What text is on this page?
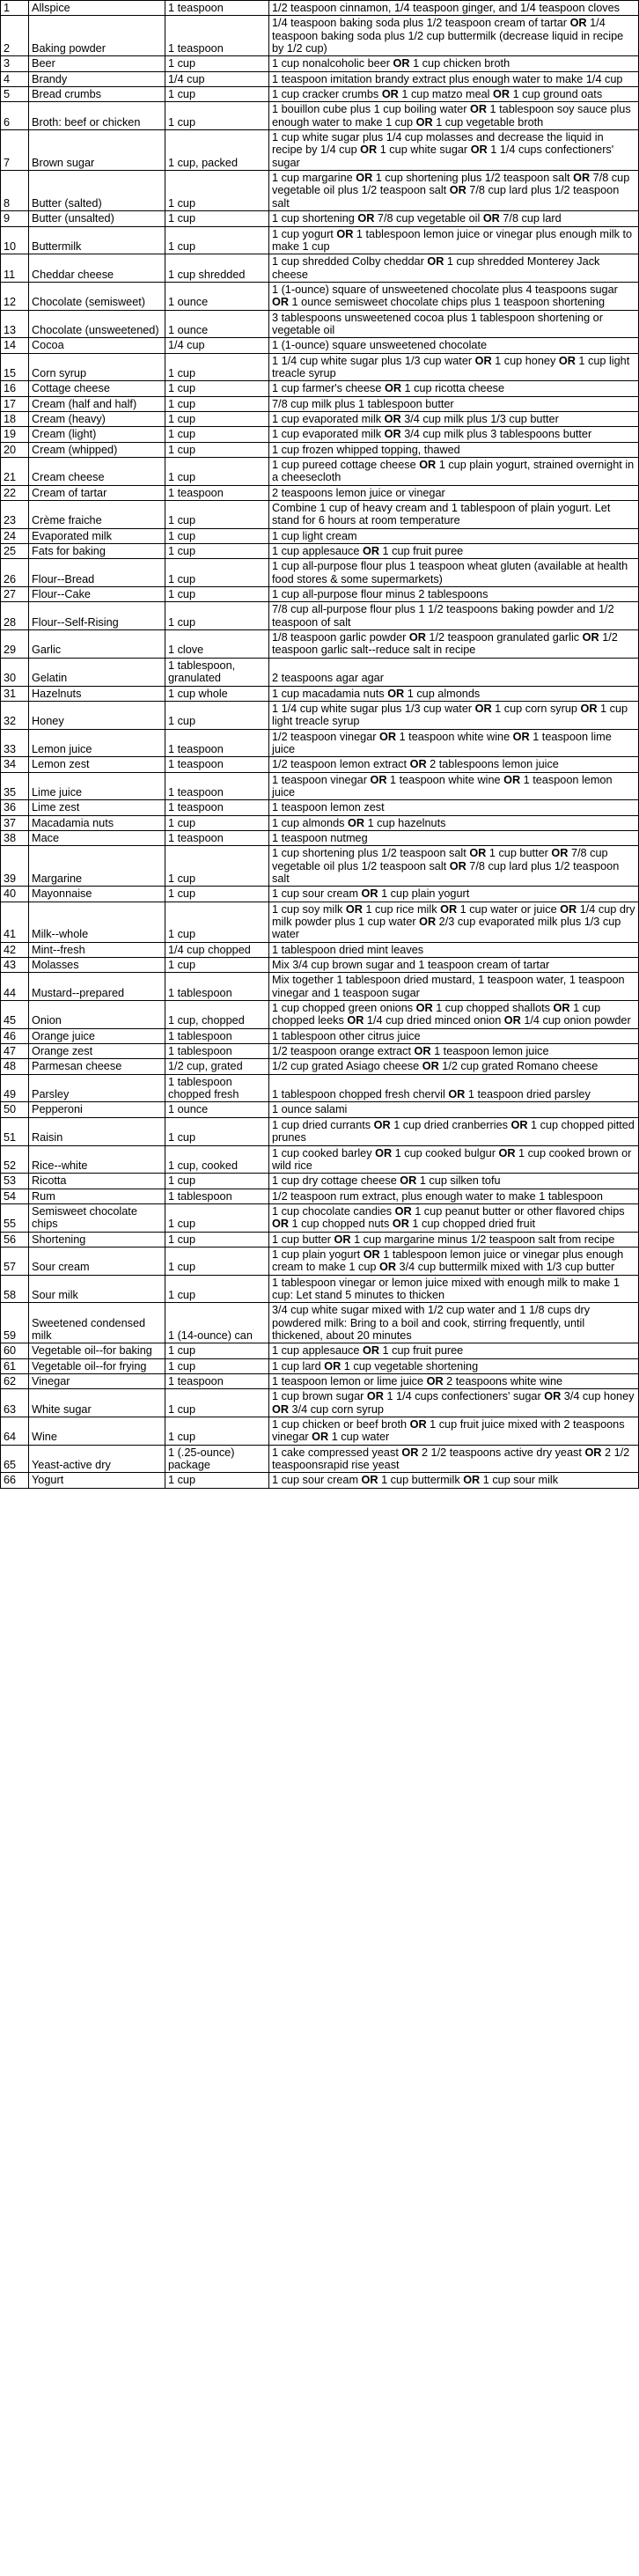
1	Allspice	1 teaspoon	1/2 teaspoon cinnamon, 1/4 teaspoon ginger, and 1/4 teaspoon cloves
2	Baking powder	1 teaspoon	1/4 teaspoon baking soda plus 1/2 teaspoon cream of tartar OR 1/4 teaspoon baking soda plus 1/2 cup buttermilk (decrease liquid in recipe by 1/2 cup)
3	Beer	1 cup	1 cup nonalcoholic beer OR 1 cup chicken broth
4	Brandy	1/4 cup	1 teaspoon imitation brandy extract plus enough water to make 1/4 cup
5	Bread crumbs	1 cup	1 cup cracker crumbs OR 1 cup matzo meal OR 1 cup ground oats
6	Broth: beef or chicken	1 cup	1 bouillon cube plus 1 cup boiling water OR 1 tablespoon soy sauce plus enough water to make 1 cup OR 1 cup vegetable broth
7	Brown sugar	1 cup, packed	1 cup white sugar plus 1/4 cup molasses and decrease the liquid in recipe by 1/4 cup OR 1 cup white sugar OR 1 1/4 cups confectioners' sugar
8	Butter (salted)	1 cup	1 cup margarine OR 1 cup shortening plus 1/2 teaspoon salt OR 7/8 cup vegetable oil plus 1/2 teaspoon salt OR 7/8 cup lard plus 1/2 teaspoon salt
9	Butter (unsalted)	1 cup	1 cup shortening OR 7/8 cup vegetable oil OR 7/8 cup lard
10	Buttermilk	1 cup	1 cup yogurt OR 1 tablespoon lemon juice or vinegar plus enough milk to make 1 cup
11	Cheddar cheese	1 cup shredded	1 cup shredded Colby cheddar OR 1 cup shredded Monterey Jack cheese
12	Chocolate (semisweet)	1 ounce	1 (1-ounce) square of unsweetened chocolate plus 4 teaspoons sugar OR 1 ounce semisweet chocolate chips plus 1 teaspoon shortening
13	Chocolate (unsweetened)	1 ounce	3 tablespoons unsweetened cocoa plus 1 tablespoon shortening or vegetable oil
14	Cocoa	1/4 cup	1 (1-ounce) square unsweetened chocolate
15	Corn syrup	1 cup	1 1/4 cup white sugar plus 1/3 cup water OR 1 cup honey OR 1 cup light treacle syrup
16	Cottage cheese	1 cup	1 cup farmer's cheese OR 1 cup ricotta cheese
17	Cream (half and half)	1 cup	7/8 cup milk plus 1 tablespoon butter
18	Cream (heavy)	1 cup	1 cup evaporated milk OR 3/4 cup milk plus 1/3 cup butter
19	Cream (light)	1 cup	1 cup evaporated milk OR 3/4 cup milk plus 3 tablespoons butter
20	Cream (whipped)	1 cup	1 cup frozen whipped topping, thawed
21	Cream cheese	1 cup	1 cup pureed cottage cheese OR 1 cup plain yogurt, strained overnight in a cheesecloth
22	Cream of tartar	1 teaspoon	2 teaspoons lemon juice or vinegar
23	Crème fraiche	1 cup	Combine 1 cup of heavy cream and 1 tablespoon of plain yogurt. Let stand for 6 hours at room temperature
24	Evaporated milk	1 cup	1 cup light cream
25	Fats for baking	1 cup	1 cup applesauce OR 1 cup fruit puree
26	Flour--Bread	1 cup	1 cup all-purpose flour plus 1 teaspoon wheat gluten (available at health food stores & some supermarkets)
27	Flour--Cake	1 cup	1 cup all-purpose flour minus 2 tablespoons
28	Flour--Self-Rising	1 cup	7/8 cup all-purpose flour plus 1 1/2 teaspoons baking powder and 1/2 teaspoon of salt
29	Garlic	1 clove	1/8 teaspoon garlic powder OR 1/2 teaspoon granulated garlic OR 1/2 teaspoon garlic salt--reduce salt in recipe
30	Gelatin	1 tablespoon, granulated	2 teaspoons agar agar
31	Hazelnuts	1 cup whole	1 cup macadamia nuts OR 1 cup almonds
32	Honey	1 cup	1 1/4 cup white sugar plus 1/3 cup water OR 1 cup corn syrup OR 1 cup light treacle syrup
33	Lemon juice	1 teaspoon	1/2 teaspoon vinegar OR 1 teaspoon white wine OR 1 teaspoon lime juice
34	Lemon zest	1 teaspoon	1/2 teaspoon lemon extract OR 2 tablespoons lemon juice
35	Lime juice	1 teaspoon	1 teaspoon vinegar OR 1 teaspoon white wine OR 1 teaspoon lemon juice
36	Lime zest	1 teaspoon	1 teaspoon lemon zest
37	Macadamia nuts	1 cup	1 cup almonds OR 1 cup hazelnuts
38	Mace	1 teaspoon	1 teaspoon nutmeg
39	Margarine	1 cup	1 cup shortening plus 1/2 teaspoon salt OR 1 cup butter OR 7/8 cup vegetable oil plus 1/2 teaspoon salt OR 7/8 cup lard plus 1/2 teaspoon salt
40	Mayonnaise	1 cup	1 cup sour cream OR 1 cup plain yogurt
41	Milk--whole	1 cup	1 cup soy milk OR 1 cup rice milk OR 1 cup water or juice OR 1/4 cup dry milk powder plus 1 cup water OR 2/3 cup evaporated milk plus 1/3 cup water
42	Mint--fresh	1/4 cup chopped	1 tablespoon dried mint leaves
43	Molasses	1 cup	Mix 3/4 cup brown sugar and 1 teaspoon cream of tartar
44	Mustard--prepared	1 tablespoon	Mix together 1 tablespoon dried mustard, 1 teaspoon water, 1 teaspoon vinegar and 1 teaspoon sugar
45	Onion	1 cup, chopped	1 cup chopped green onions OR 1 cup chopped shallots OR 1 cup chopped leeks OR 1/4 cup dried minced onion OR 1/4 cup onion powder
46	Orange juice	1 tablespoon	1 tablespoon other citrus juice
47	Orange zest	1 tablespoon	1/2 teaspoon orange extract OR 1 teaspoon lemon juice
48	Parmesan cheese	1/2 cup, grated	1/2 cup grated Asiago cheese OR 1/2 cup grated Romano cheese
49	Parsley	1 tablespoon chopped fresh	1 tablespoon chopped fresh chervil OR 1 teaspoon dried parsley
50	Pepperoni	1 ounce	1 ounce salami
51	Raisin	1 cup	1 cup dried currants OR 1 cup dried cranberries OR 1 cup chopped pitted prunes
52	Rice--white	1 cup, cooked	1 cup cooked barley OR 1 cup cooked bulgur OR 1 cup cooked brown or wild rice
53	Ricotta	1 cup	1 cup dry cottage cheese OR 1 cup silken tofu
54	Rum	1 tablespoon	1/2 teaspoon rum extract, plus enough water to make 1 tablespoon
55	Semisweet chocolate chips	1 cup	1 cup chocolate candies OR 1 cup peanut butter or other flavored chips OR 1 cup chopped nuts OR 1 cup chopped dried fruit
56	Shortening	1 cup	1 cup butter OR 1 cup margarine minus 1/2 teaspoon salt from recipe
57	Sour cream	1 cup	1 cup plain yogurt OR 1 tablespoon lemon juice or vinegar plus enough cream to make 1 cup OR 3/4 cup buttermilk mixed with 1/3 cup butter
58	Sour milk	1 cup	1 tablespoon vinegar or lemon juice mixed with enough milk to make 1 cup: Let stand 5 minutes to thicken
59	Sweetened condensed milk	1 (14-ounce) can	3/4 cup white sugar mixed with 1/2 cup water and 1 1/8 cups dry powdered milk: Bring to a boil and cook, stirring frequently, until thickened, about 20 minutes
60	Vegetable oil--for baking	1 cup	1 cup applesauce OR 1 cup fruit puree
61	Vegetable oil--for frying	1 cup	1 cup lard OR 1 cup vegetable shortening
62	Vinegar	1 teaspoon	1 teaspoon lemon or lime juice OR 2 teaspoons white wine
63	White sugar	1 cup	1 cup brown sugar OR 1 1/4 cups confectioners' sugar OR 3/4 cup honey OR 3/4 cup corn syrup
64	Wine	1 cup	1 cup chicken or beef broth OR 1 cup fruit juice mixed with 2 teaspoons vinegar OR 1 cup water
65	Yeast-active dry	1 (.25-ounce) package	1 cake compressed yeast OR 2 1/2 teaspoons active dry yeast OR 2 1/2 teaspoonsrapid rise yeast
66	Yogurt	1 cup	1 cup sour cream OR 1 cup buttermilk OR 1 cup sour milk
